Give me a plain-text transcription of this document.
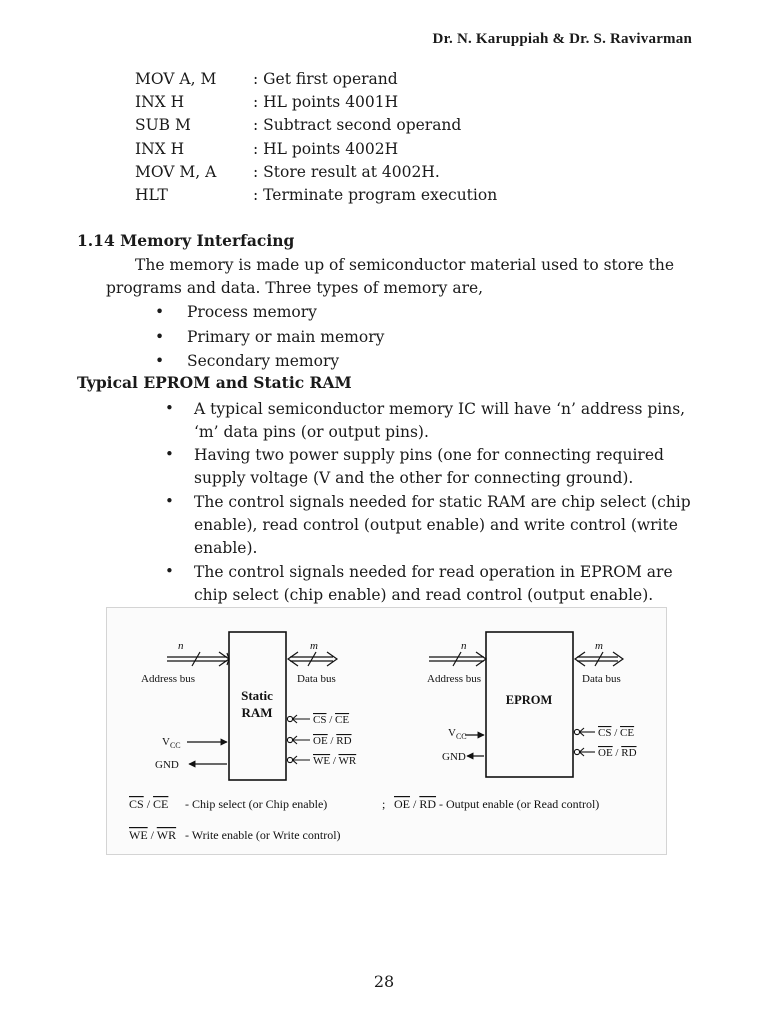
Dr. N. Karuppiah & Dr. S. Ravivarman
MOV A, M : Get first operand
INX H	: HL points 4001H
SUB M	: Subtract second operand
INX H	: HL points 4002H
MOV M, A : Store result at 4002H.
HLT	: Terminate program execution
1.14 Memory Interfacing
The memory is made up of semiconductor material used to store the
programs and data. Three types of memory are,
• Process memory
• Primary or main memory
• Secondary memory
Typical EPROM and Static RAM
• A typical semiconductor memory IC will have ‘n’ address pins,
‘m’ data pins (or output pins).
• Having two power supply pins (one for connecting required
supply voltage (V and the other for connecting ground).
• The control signals needed for static RAM are chip select (chip
enable), read control (output enable) and write control (write
enable).
• The control signals needed for read operation in EPROM are
chip select (chip enable) and read control (output enable).
Static
RAM
n
Address bus
m
Data bus
$V_{CC}$
GND
CS / CE
OE / RD
WE / WR
EPROM
n
Address bus
m
Data bus
$V_{CC}$
GND
CS / CE
OE / RD
CS / CE - Chip select (or Chip enable)	; OE / RD - Output enable (or Read control)
WE / WR - Write enable (or Write control)
28
